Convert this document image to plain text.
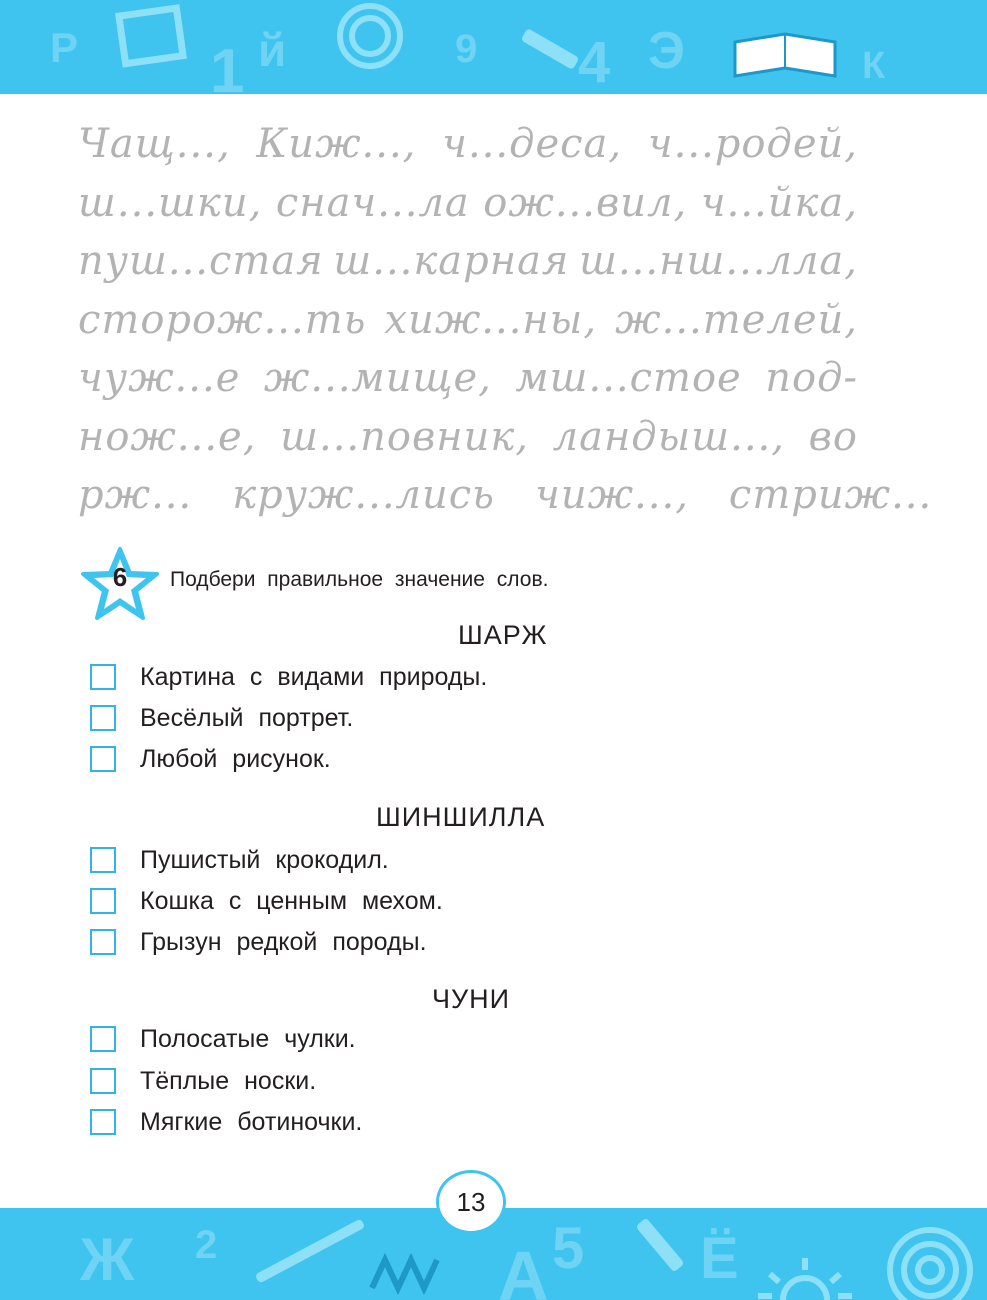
Р 1 й	9 4 Э	К
Чащ..., Киж..., ч...деса, ч...родей,
ш...шки, снач...ла ож...вил, ч...йка,
пуш...стая ш...карная ш...нш...лла,
сторож...ть хиж...ны, ж...телей,
чуж...е ж...мище, мш...стое под-
нож...е, ш...повник, ландыш..., во
рж... круж...лись чиж..., стриж...
6	Подбери правильное значение слов.
ШАРЖ
Картина с видами природы.
Весёлый портрет.
Любой рисунок.
ШИНШИЛЛА
Пушистый крокодил.
Кошка с ценным мехом.
Грызун редкой породы.
ЧУНИ
Полосатые чулки.
Тёплые носки.
Мягкие ботиночки.
Ж 2	А 5 Ё
13
